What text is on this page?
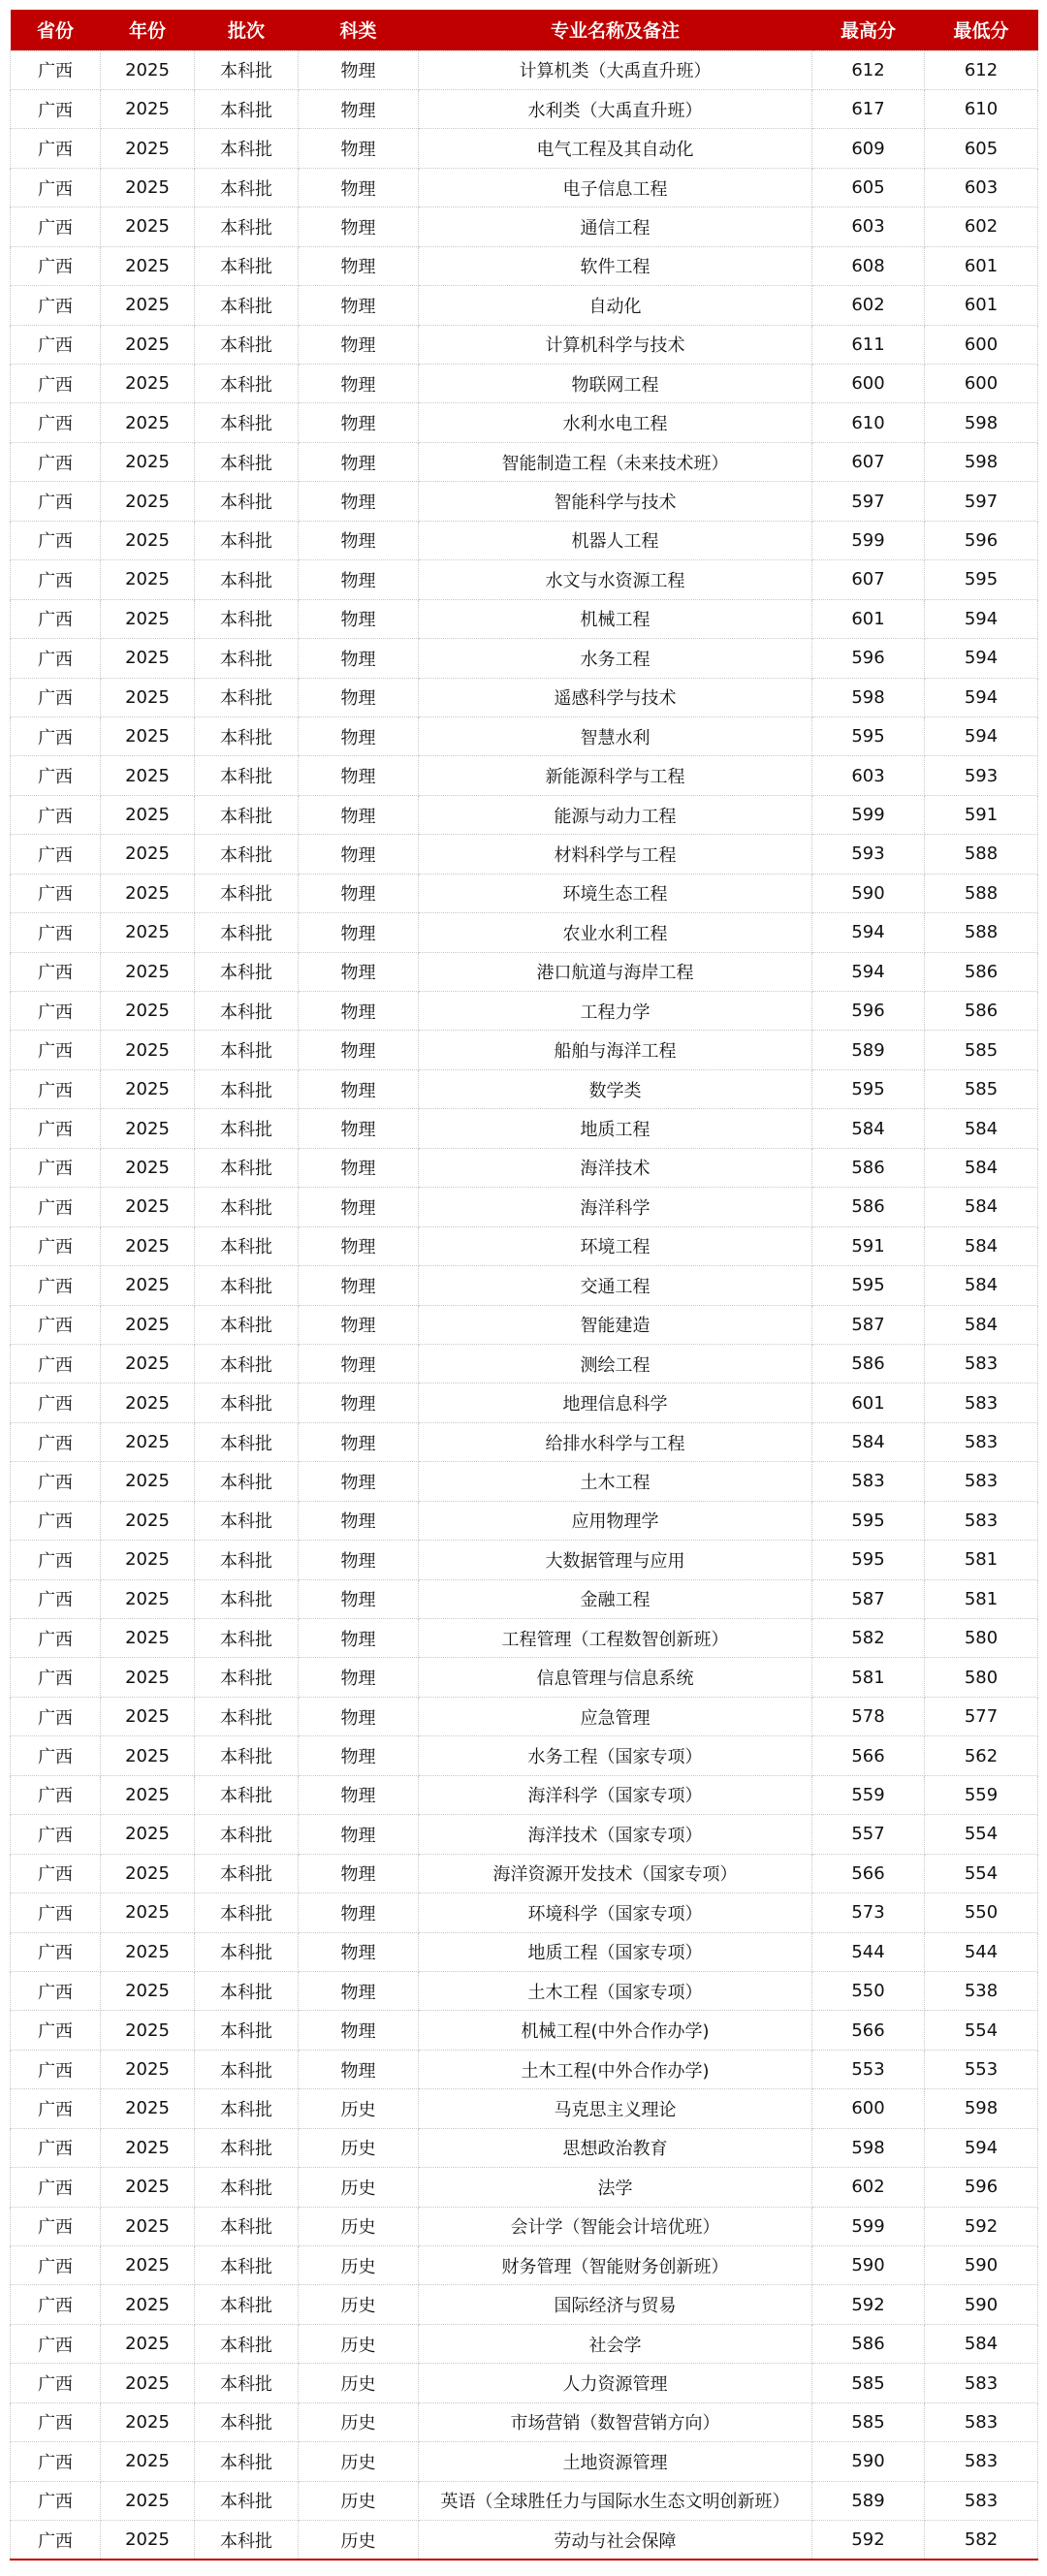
省份	年份	批次	科类	专业名称及备注	最高分	最低分
广西	2025	本科批	物理	计算机类（大禹直升班）	612	612
广西	2025	本科批	物理	水利类（大禹直升班）	617	610
广西	2025	本科批	物理	电气工程及其自动化	609	605
广西	2025	本科批	物理	电子信息工程	605	603
广西	2025	本科批	物理	通信工程	603	602
广西	2025	本科批	物理	软件工程	608	601
广西	2025	本科批	物理	自动化	602	601
广西	2025	本科批	物理	计算机科学与技术	611	600
广西	2025	本科批	物理	物联网工程	600	600
广西	2025	本科批	物理	水利水电工程	610	598
广西	2025	本科批	物理	智能制造工程（未来技术班）	607	598
广西	2025	本科批	物理	智能科学与技术	597	597
广西	2025	本科批	物理	机器人工程	599	596
广西	2025	本科批	物理	水文与水资源工程	607	595
广西	2025	本科批	物理	机械工程	601	594
广西	2025	本科批	物理	水务工程	596	594
广西	2025	本科批	物理	遥感科学与技术	598	594
广西	2025	本科批	物理	智慧水利	595	594
广西	2025	本科批	物理	新能源科学与工程	603	593
广西	2025	本科批	物理	能源与动力工程	599	591
广西	2025	本科批	物理	材料科学与工程	593	588
广西	2025	本科批	物理	环境生态工程	590	588
广西	2025	本科批	物理	农业水利工程	594	588
广西	2025	本科批	物理	港口航道与海岸工程	594	586
广西	2025	本科批	物理	工程力学	596	586
广西	2025	本科批	物理	船舶与海洋工程	589	585
广西	2025	本科批	物理	数学类	595	585
广西	2025	本科批	物理	地质工程	584	584
广西	2025	本科批	物理	海洋技术	586	584
广西	2025	本科批	物理	海洋科学	586	584
广西	2025	本科批	物理	环境工程	591	584
广西	2025	本科批	物理	交通工程	595	584
广西	2025	本科批	物理	智能建造	587	584
广西	2025	本科批	物理	测绘工程	586	583
广西	2025	本科批	物理	地理信息科学	601	583
广西	2025	本科批	物理	给排水科学与工程	584	583
广西	2025	本科批	物理	土木工程	583	583
广西	2025	本科批	物理	应用物理学	595	583
广西	2025	本科批	物理	大数据管理与应用	595	581
广西	2025	本科批	物理	金融工程	587	581
广西	2025	本科批	物理	工程管理（工程数智创新班）	582	580
广西	2025	本科批	物理	信息管理与信息系统	581	580
广西	2025	本科批	物理	应急管理	578	577
广西	2025	本科批	物理	水务工程（国家专项）	566	562
广西	2025	本科批	物理	海洋科学（国家专项）	559	559
广西	2025	本科批	物理	海洋技术（国家专项）	557	554
广西	2025	本科批	物理	海洋资源开发技术（国家专项）	566	554
广西	2025	本科批	物理	环境科学（国家专项）	573	550
广西	2025	本科批	物理	地质工程（国家专项）	544	544
广西	2025	本科批	物理	土木工程（国家专项）	550	538
广西	2025	本科批	物理	机械工程(中外合作办学)	566	554
广西	2025	本科批	物理	土木工程(中外合作办学)	553	553
广西	2025	本科批	历史	马克思主义理论	600	598
广西	2025	本科批	历史	思想政治教育	598	594
广西	2025	本科批	历史	法学	602	596
广西	2025	本科批	历史	会计学（智能会计培优班）	599	592
广西	2025	本科批	历史	财务管理（智能财务创新班）	590	590
广西	2025	本科批	历史	国际经济与贸易	592	590
广西	2025	本科批	历史	社会学	586	584
广西	2025	本科批	历史	人力资源管理	585	583
广西	2025	本科批	历史	市场营销（数智营销方向）	585	583
广西	2025	本科批	历史	土地资源管理	590	583
广西	2025	本科批	历史	英语（全球胜任力与国际水生态文明创新班）	589	583
广西	2025	本科批	历史	劳动与社会保障	592	582
